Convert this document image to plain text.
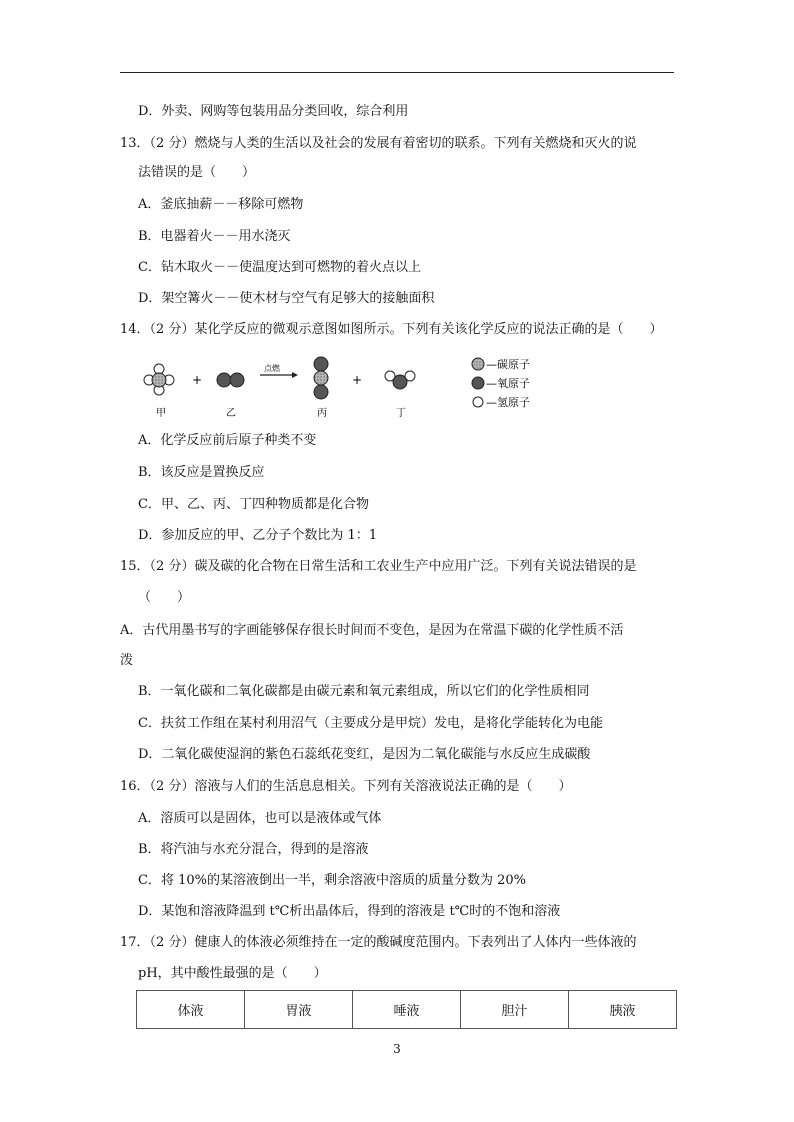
D．外卖、网购等包装用品分类回收，综合利用
13．（2 分）燃烧与人类的生活以及社会的发展有着密切的联系。下列有关燃烧和灭火的说
法错误的是（　　）
A．釜底抽薪－－移除可燃物
B．电器着火－－用水浇灭
C．钻木取火－－使温度达到可燃物的着火点以上
D．架空篝火－－使木材与空气有足够大的接触面积
14．（2 分）某化学反应的微观示意图如图所示。下列有关该化学反应的说法正确的是（　　）
甲
+
乙
点燃
丙
+
丁
—碳原子
—氧原子
—氢原子
A．化学反应前后原子种类不变
B．该反应是置换反应
C．甲、乙、丙、丁四种物质都是化合物
D．参加反应的甲、乙分子个数比为 1：1
15．（2 分）碳及碳的化合物在日常生活和工农业生产中应用广泛。下列有关说法错误的是
（　　）
A．古代用墨书写的字画能够保存很长时间而不变色，是因为在常温下碳的化学性质不活
泼
B．一氧化碳和二氧化碳都是由碳元素和氧元素组成，所以它们的化学性质相同
C．扶贫工作组在某村利用沼气（主要成分是甲烷）发电，是将化学能转化为电能
D．二氧化碳使湿润的紫色石蕊纸花变红，是因为二氧化碳能与水反应生成碳酸
16．（2 分）溶液与人们的生活息息相关。下列有关溶液说法正确的是（　　）
A．溶质可以是固体，也可以是液体或气体
B．将汽油与水充分混合，得到的是溶液
C．将 10%的某溶液倒出一半，剩余溶液中溶质的质量分数为 20%
D．某饱和溶液降温到 t℃析出晶体后，得到的溶液是 t℃时的不饱和溶液
17．（2 分）健康人的体液必须维持在一定的酸碱度范围内。下表列出了人体内一些体液的
pH，其中酸性最强的是（　　）
体液	胃液	唾液	胆汁	胰液
3
